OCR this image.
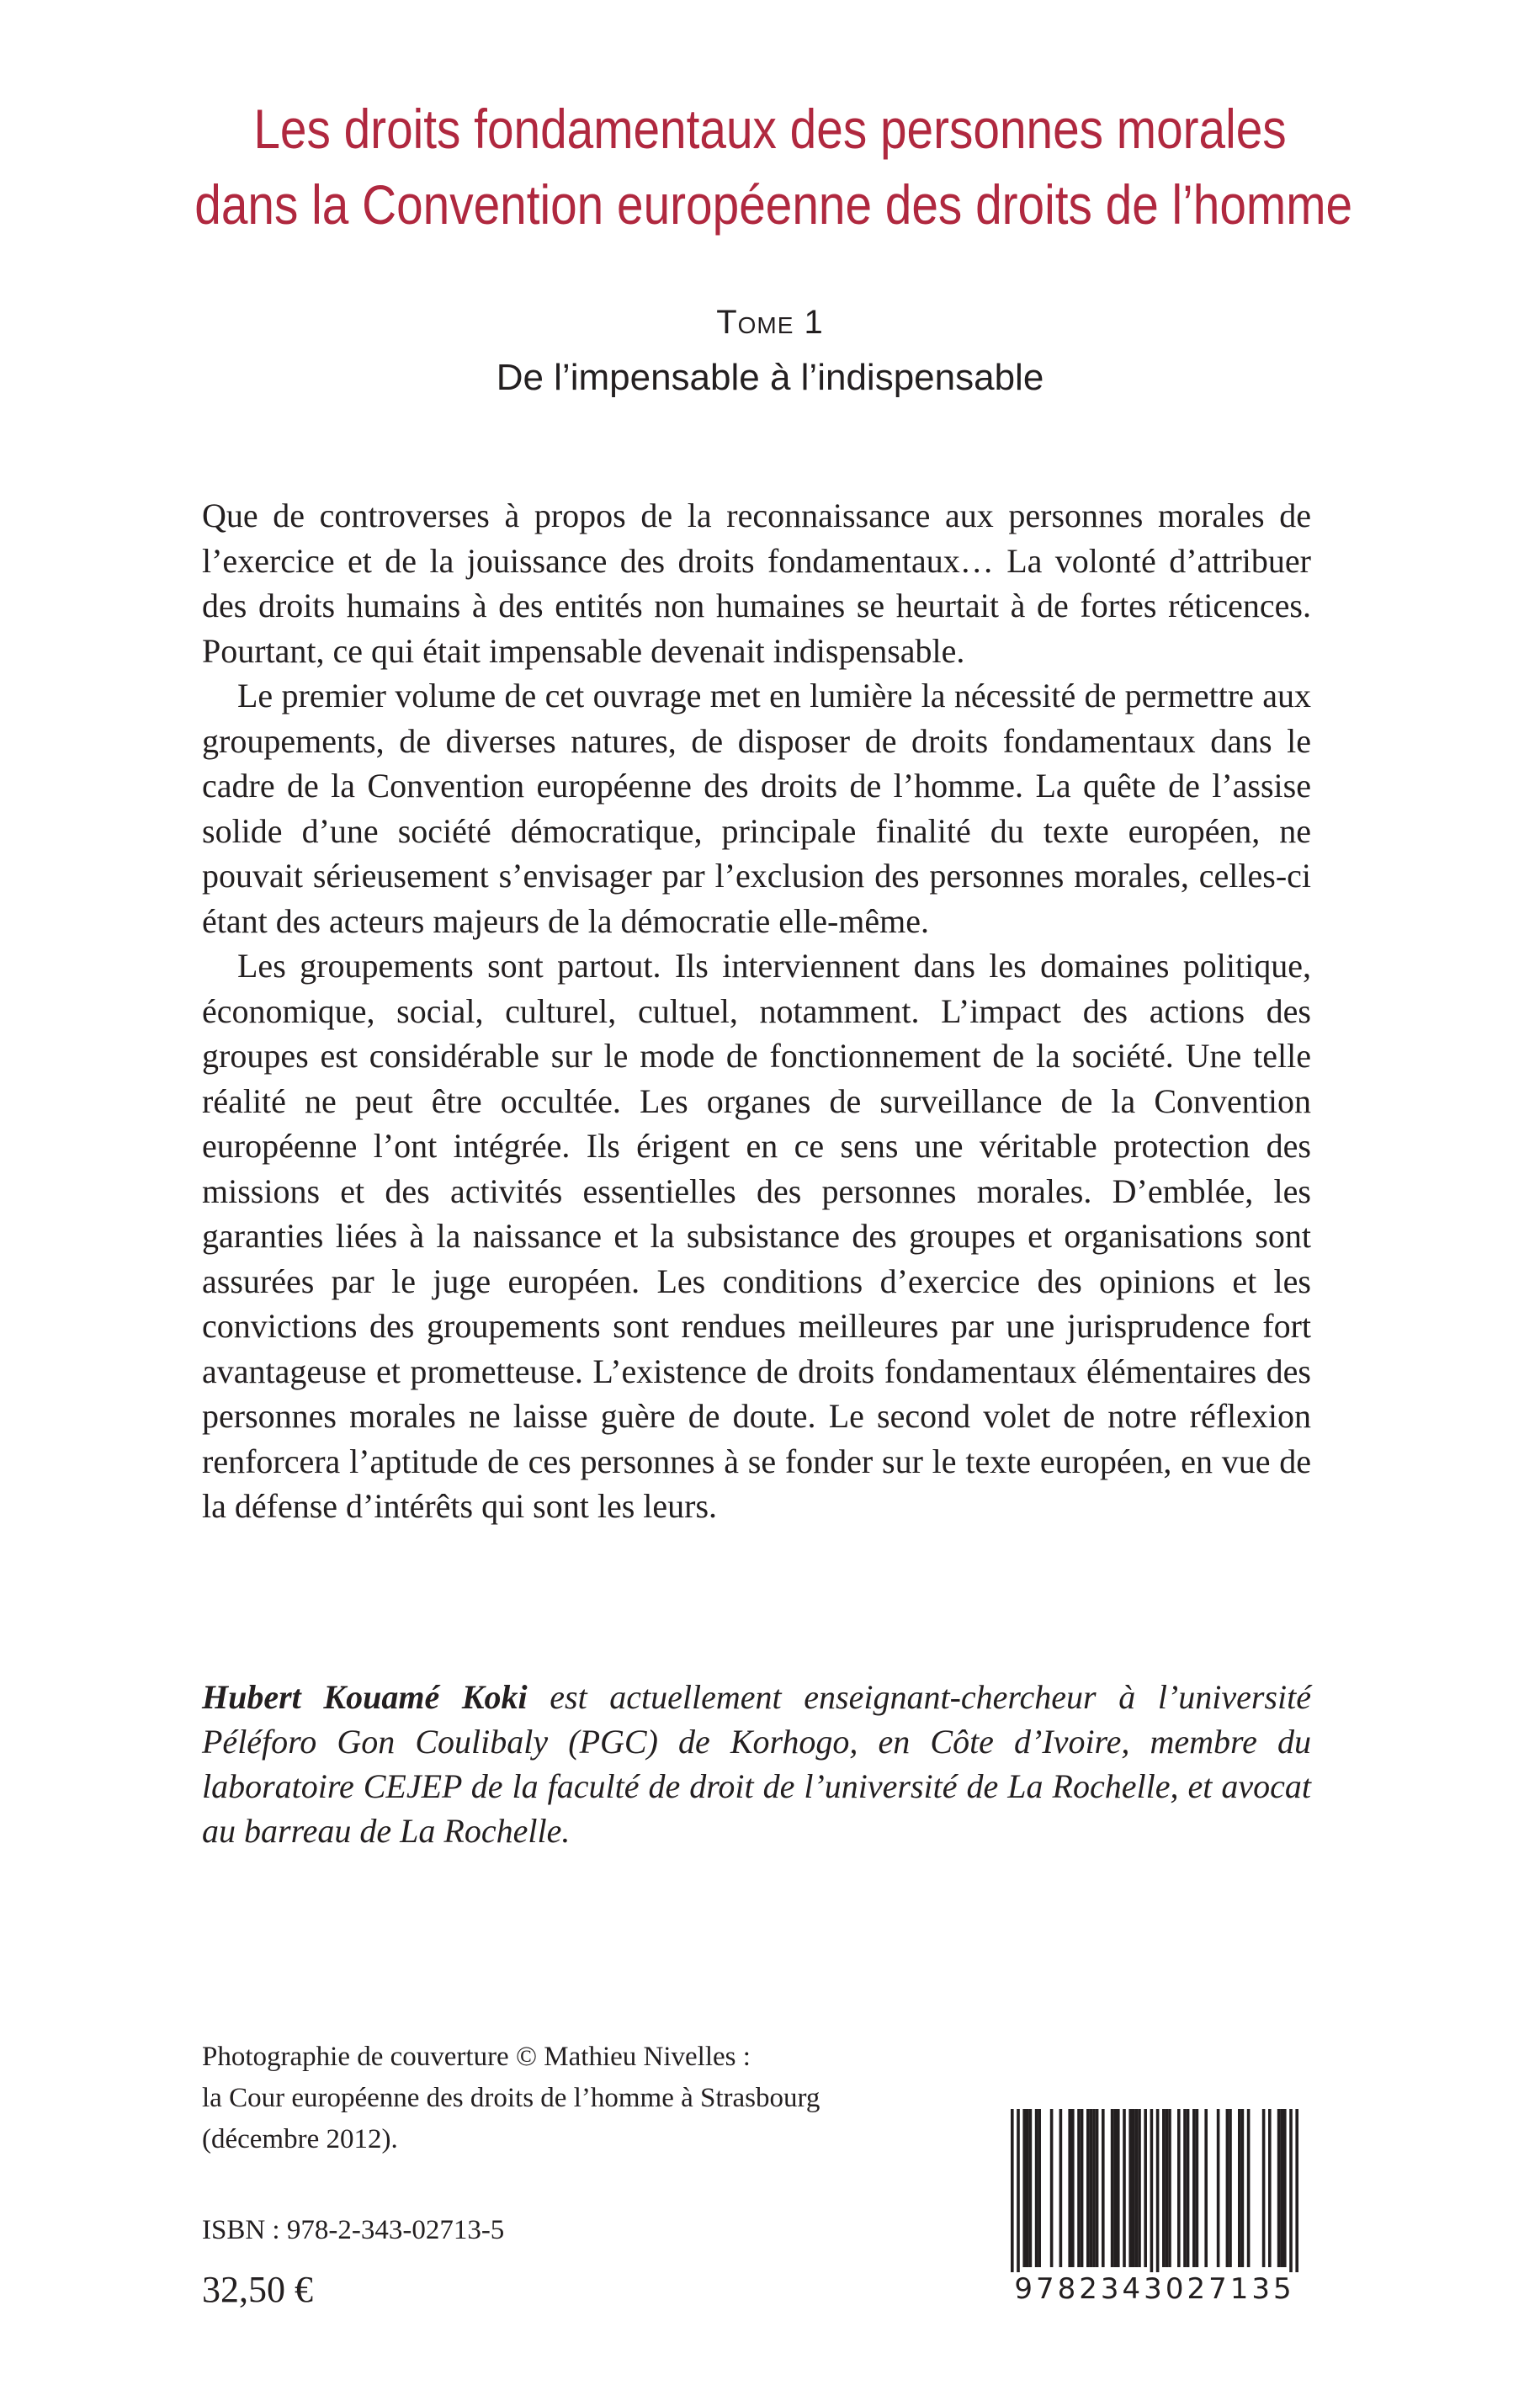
Les droits fondamentaux des personnes morales
dans la Convention européenne des droits de l’homme
Tome 1
De l’impensable à l’indispensable

Que de controverses à propos de la reconnaissance aux personnes morales de l’exercice et de la jouissance des droits fondamentaux… La volonté d’attribuer des droits humains à des entités non humaines se heurtait à de fortes réticences. Pourtant, ce qui était impensable devenait indispensable.

Le premier volume de cet ouvrage met en lumière la nécessité de permettre aux groupements, de diverses natures, de disposer de droits fondamentaux dans le cadre de la Convention européenne des droits de l’homme. La quête de l’assise solide d’une société démocratique, principale finalité du texte européen, ne pouvait sérieusement s’envisager par l’exclusion des personnes morales, celles-ci étant des acteurs majeurs de la démocratie elle-même.

Les groupements sont partout. Ils interviennent dans les domaines politique, économique, social, culturel, cultuel, notamment. L’impact des actions des groupes est considérable sur le mode de fonctionnement de la société. Une telle réalité ne peut être occultée. Les organes de surveillance de la Convention européenne l’ont intégrée. Ils érigent en ce sens une véritable protection des missions et des activités essentielles des personnes morales. D’emblée, les garanties liées à la naissance et la subsistance des groupes et organisations sont assurées par le juge européen. Les conditions d’exercice des opinions et les convictions des groupements sont rendues meilleures par une jurisprudence fort avantageuse et prometteuse. L’existence de droits fondamentaux élémentaires des personnes morales ne laisse guère de doute. Le second volet de notre réflexion renforcera l’aptitude de ces personnes à se fonder sur le texte européen, en vue de la défense d’intérêts qui sont les leurs.

Hubert Kouamé Koki est actuellement enseignant-chercheur à l’université Péléforo Gon Coulibaly (PGC) de Korhogo, en Côte d’Ivoire, membre du laboratoire CEJEP de la faculté de droit de l’université de La Rochelle, et avocat au barreau de La Rochelle.
Photographie de couverture © Mathieu Nivelles :
la Cour européenne des droits de l’homme à Strasbourg
(décembre 2012).
ISBN : 978-2-343-02713-5
32,50 €	9782343027135
